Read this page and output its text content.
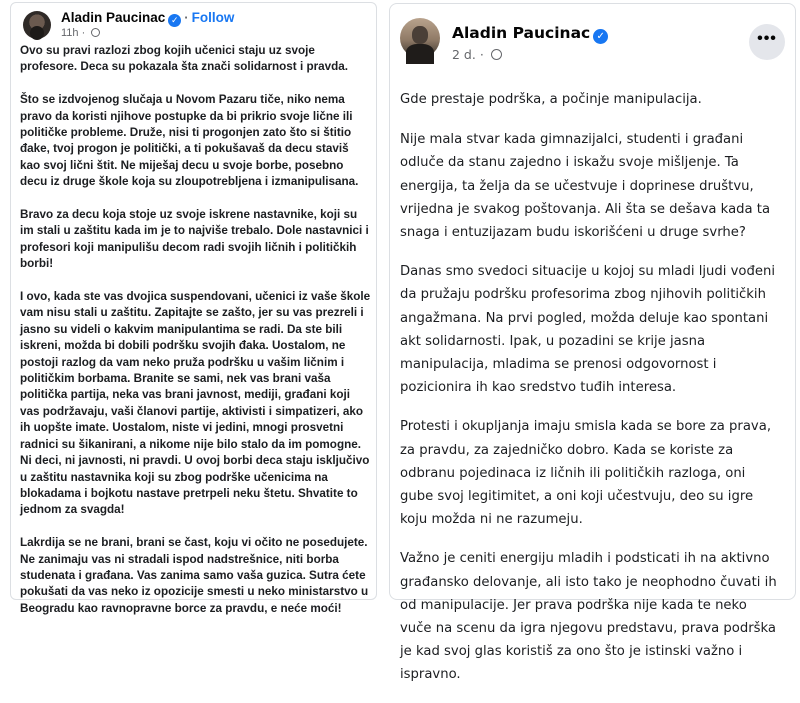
Aladin Paucinac ✓ · Follow
11h ·

Ovo su pravi razlozi zbog kojih učenici staju uz svoje profesore. Deca su pokazala šta znači solidarnost i pravda.

Što se izdvojenog slučaja u Novom Pazaru tiče, niko nema pravo da koristi njihove postupke da bi prikrio svoje lične ili političke probleme. Druže, nisi ti progonjen zato što si štitio đake, tvoj progon je politički, a ti pokušavaš da decu staviš kao svoj lični štit. Ne miješaj decu u svoje borbe, posebno decu iz druge škole koja su zloupotrebljena i izmanipulisana.

Bravo za decu koja stoje uz svoje iskrene nastavnike, koji su im stali u zaštitu kada im je to najviše trebalo. Dole nastavnici i profesori koji manipulišu decom radi svojih ličnih i političkih borbi!

I ovo, kada ste vas dvojica suspendovani, učenici iz vaše škole vam nisu stali u zaštitu. Zapitajte se zašto, jer su vas prezreli i jasno su videli o kakvim manipulantima se radi. Da ste bili iskreni, možda bi dobili podršku svojih đaka. Uostalom, ne postoji razlog da vam neko pruža podršku u vašim ličnim i političkim borbama. Branite se sami, nek vas brani vaša politička partija, neka vas brani javnost, mediji, građani koji vas podržavaju, vaši članovi partije, aktivisti i simpatizeri, ako ih uopšte imate. Uostalom, niste vi jedini, mnogi prosvetni radnici su šikanirani, a nikome nije bilo stalo da im pomogne. Ni deci, ni javnosti, ni pravdi. U ovoj borbi deca staju isključivo u zaštitu nastavnika koji su zbog podrške učenicima na blokadama i bojkotu nastave pretrpeli neku štetu. Shvatite to jednom za svagda!

Lakrdija se ne brani, brani se čast, koju vi očito ne posedujete. Ne zanimaju vas ni stradali ispod nadstrešnice, niti borba studenata i građana. Vas zanima samo vaša guzica. Sutra ćete pokušati da vas neko iz opozicije smesti u neko ministarstvo u Beogradu kao ravnopravne borce za pravdu, e neće moći!

Aladin Paucinac ✓
2 d. ·
•••

Gde prestaje podrška, a počinje manipulacija.

Nije mala stvar kada gimnazijalci, studenti i građani odluče da stanu zajedno i iskažu svoje mišljenje. Ta energija, ta želja da se učestvuje i doprinese društvu, vrijedna je svakog poštovanja. Ali šta se dešava kada ta snaga i entuzijazam budu iskorišćeni u druge svrhe?

Danas smo svedoci situacije u kojoj su mladi ljudi vođeni da pružaju podršku profesorima zbog njihovih političkih angažmana. Na prvi pogled, možda deluje kao spontani akt solidarnosti. Ipak, u pozadini se krije jasna manipulacija, mladima se prenosi odgovornost i pozicionira ih kao sredstvo tuđih interesa.

Protesti i okupljanja imaju smisla kada se bore za prava, za pravdu, za zajedničko dobro. Kada se koriste za odbranu pojedinaca iz ličnih ili političkih razloga, oni gube svoj legitimitet, a oni koji učestvuju, deo su igre koju možda ni ne razumeju.

Važno je ceniti energiju mladih i podsticati ih na aktivno građansko delovanje, ali isto tako je neophodno čuvati ih od manipulacije. Jer prava podrška nije kada te neko vuče na scenu da igra njegovu predstavu, prava podrška je kad svoj glas koristiš za ono što je istinski važno i ispravno.
